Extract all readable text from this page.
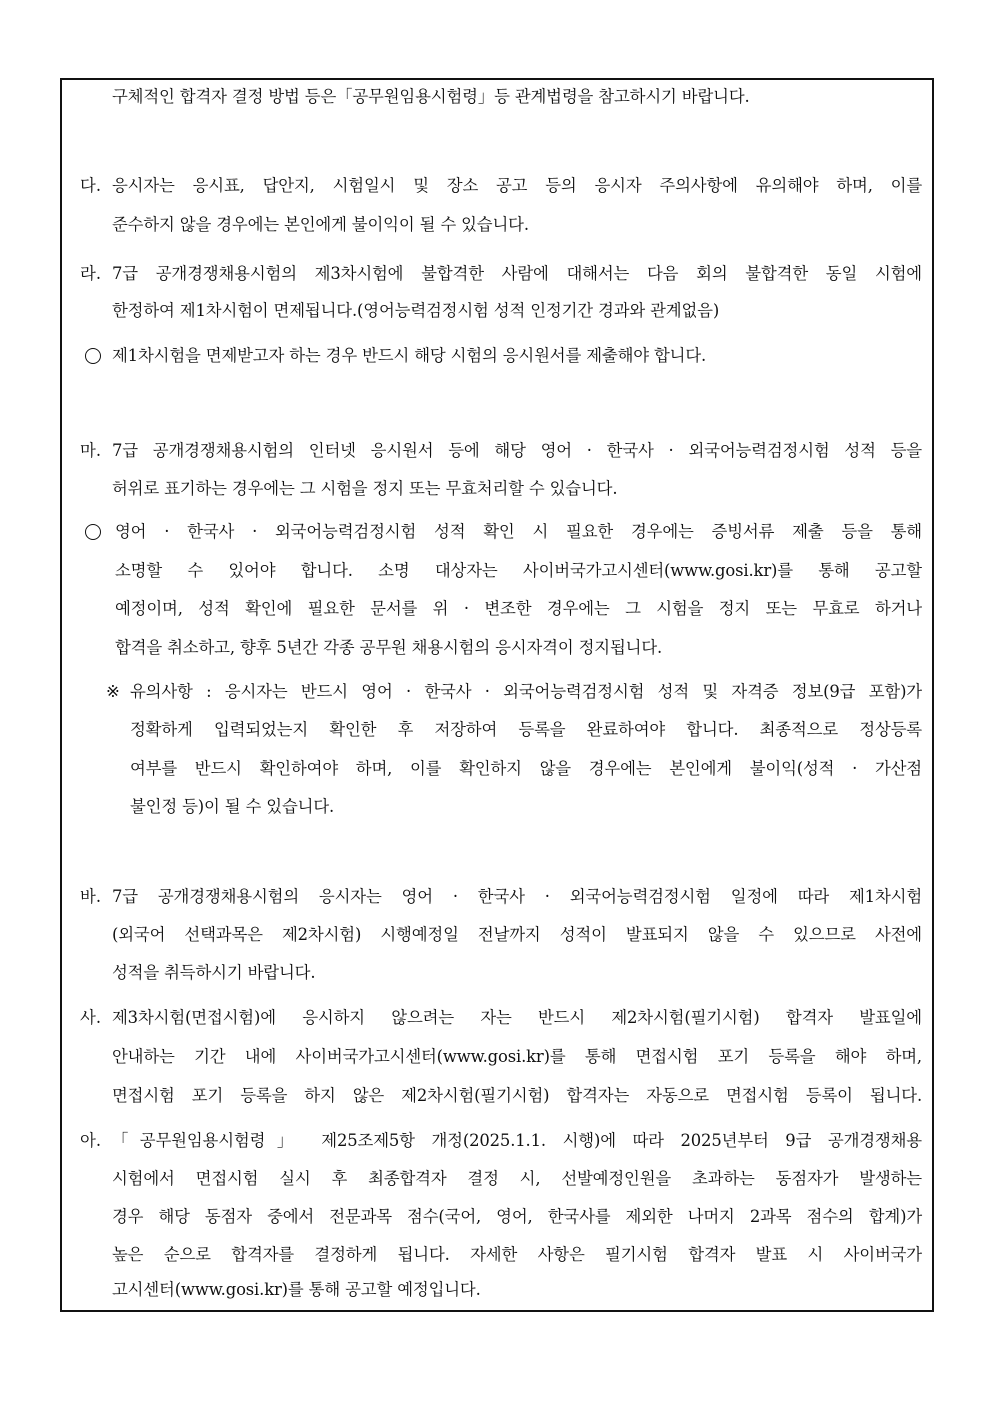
구체적인 합격자 결정 방법 등은「공무원임용시험령」등 관계법령을 참고하시기 바랍니다.
다. 응시자는 응시표, 답안지, 시험일시 및 장소 공고 등의 응시자 주의사항에 유의해야 하며, 이를
준수하지 않을 경우에는 본인에게 불이익이 될 수 있습니다.
라. 7급 공개경쟁채용시험의 제3차시험에 불합격한 사람에 대해서는 다음 회의 불합격한 동일 시험에
한정하여 제1차시험이 면제됩니다.(영어능력검정시험 성적 인정기간 경과와 관계없음)
제1차시험을 면제받고자 하는 경우 반드시 해당 시험의 응시원서를 제출해야 합니다.
마. 7급 공개경쟁채용시험의 인터넷 응시원서 등에 해당 영어 · 한국사 · 외국어능력검정시험 성적 등을
허위로 표기하는 경우에는 그 시험을 정지 또는 무효처리할 수 있습니다.
영어 · 한국사 · 외국어능력검정시험 성적 확인 시 필요한 경우에는 증빙서류 제출 등을 통해
소명할 수 있어야 합니다. 소명 대상자는 사이버국가고시센터(www.gosi.kr)를 통해 공고할
예정이며, 성적 확인에 필요한 문서를 위 · 변조한 경우에는 그 시험을 정지 또는 무효로 하거나
합격을 취소하고, 향후 5년간 각종 공무원 채용시험의 응시자격이 정지됩니다.
※ 유의사항 : 응시자는 반드시 영어 · 한국사 · 외국어능력검정시험 성적 및 자격증 정보(9급 포함)가
정확하게 입력되었는지 확인한 후 저장하여 등록을 완료하여야 합니다. 최종적으로 정상등록
여부를 반드시 확인하여야 하며, 이를 확인하지 않을 경우에는 본인에게 불이익(성적 · 가산점
불인정 등)이 될 수 있습니다.
바. 7급 공개경쟁채용시험의 응시자는 영어 · 한국사 · 외국어능력검정시험 일정에 따라 제1차시험
(외국어 선택과목은 제2차시험) 시행예정일 전날까지 성적이 발표되지 않을 수 있으므로 사전에
성적을 취득하시기 바랍니다.
사. 제3차시험(면접시험)에 응시하지 않으려는 자는 반드시 제2차시험(필기시험) 합격자 발표일에
안내하는 기간 내에 사이버국가고시센터(www.gosi.kr)를 통해 면접시험 포기 등록을 해야 하며,
면접시험 포기 등록을 하지 않은 제2차시험(필기시험) 합격자는 자동으로 면접시험 등록이 됩니다.
아. 「공무원임용시험령」 제25조제5항 개정(2025.1.1. 시행)에 따라 2025년부터 9급 공개경쟁채용
시험에서 면접시험 실시 후 최종합격자 결정 시, 선발예정인원을 초과하는 동점자가 발생하는
경우 해당 동점자 중에서 전문과목 점수(국어, 영어, 한국사를 제외한 나머지 2과목 점수의 합계)가
높은 순으로 합격자를 결정하게 됩니다. 자세한 사항은 필기시험 합격자 발표 시 사이버국가
고시센터(www.gosi.kr)를 통해 공고할 예정입니다.
